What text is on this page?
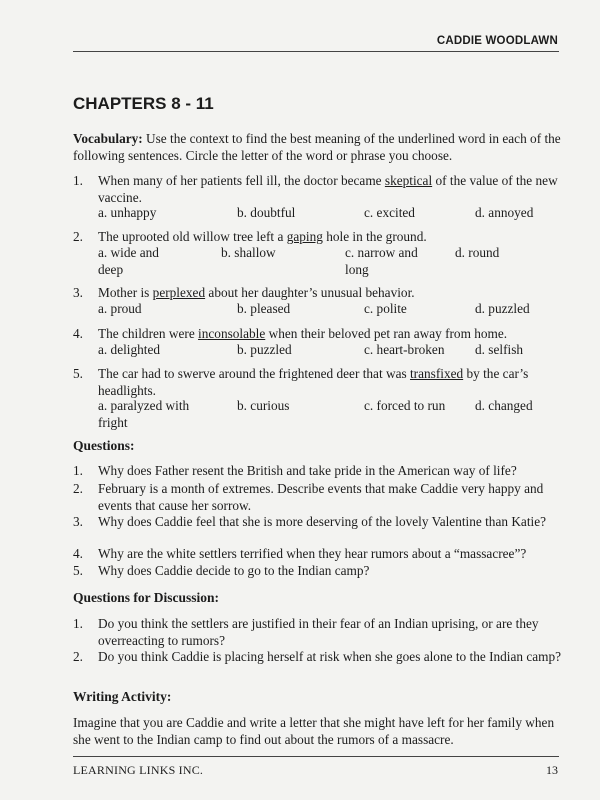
CADDIE WOODLAWN
CHAPTERS 8 - 11
Vocabulary: Use the context to find the best meaning of the underlined word in each of the following sentences. Circle the letter of the word or phrase you choose.
1. When many of her patients fell ill, the doctor became skeptical of the value of the new vaccine.
a. unhappy	b. doubtful	c. excited	d. annoyed
2. The uprooted old willow tree left a gaping hole in the ground.
a. wide and deep
b. shallow	c. narrow and long
d. round
3. Mother is perplexed about her daughter’s unusual behavior.
a. proud	b. pleased	c. polite	d. puzzled
4. The children were inconsolable when their beloved pet ran away from home.
a. delighted	b. puzzled	c. heart-broken d. selfish
5. The car had to swerve around the frightened deer that was transfixed by the car’s headlights.
a. paralyzed with fright
b. curious	c. forced to run d. changed
Questions:
1. Why does Father resent the British and take pride in the American way of life?
2. February is a month of extremes. Describe events that make Caddie very happy and events that cause her sorrow.
3. Why does Caddie feel that she is more deserving of the lovely Valentine than Katie?
4. Why are the white settlers terrified when they hear rumors about a “massacree”?
5. Why does Caddie decide to go to the Indian camp?
Questions for Discussion:
1. Do you think the settlers are justified in their fear of an Indian uprising, or are they overreacting to rumors?
2. Do you think Caddie is placing herself at risk when she goes alone to the Indian camp?
Writing Activity:
Imagine that you are Caddie and write a letter that she might have left for her family when she went to the Indian camp to find out about the rumors of a massacre.
LEARNING LINKS INC.	13
